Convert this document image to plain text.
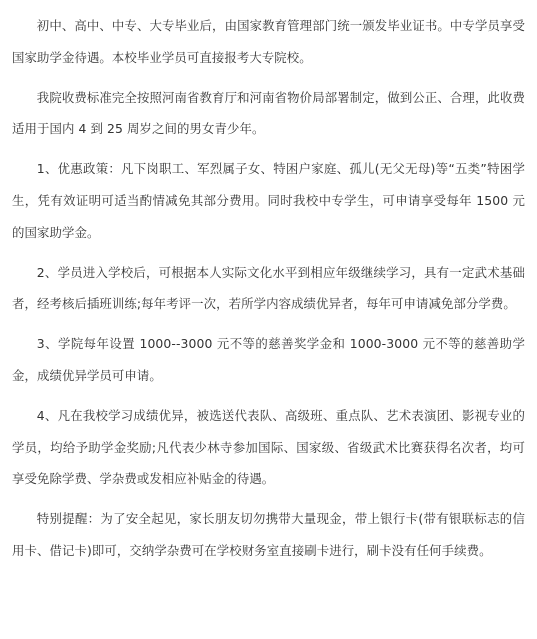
初中、高中、中专、大专毕业后，由国家教育管理部门统一颁发毕业证书。中专学员享受国家助学金待遇。本校毕业学员可直接报考大专院校。

我院收费标准完全按照河南省教育厅和河南省物价局部署制定，做到公正、合理，此收费适用于国内 4 到 25 周岁之间的男女青少年。

1、优惠政策：凡下岗职工、军烈属子女、特困户家庭、孤儿(无父无母)等“五类”特困学生，凭有效证明可适当酌情减免其部分费用。同时我校中专学生，可申请享受每年 1500 元的国家助学金。

2、学员进入学校后，可根据本人实际文化水平到相应年级继续学习，具有一定武术基础者，经考核后插班训练;每年考评一次，若所学内容成绩优异者，每年可申请减免部分学费。

3、学院每年设置 1000--3000 元不等的慈善奖学金和 1000-3000 元不等的慈善助学金，成绩优异学员可申请。

4、凡在我校学习成绩优异，被选送代表队、高级班、重点队、艺术表演团、影视专业的学员，均给予助学金奖励;凡代表少林寺参加国际、国家级、省级武术比赛获得名次者，均可享受免除学费、学杂费或发相应补贴金的待遇。

特别提醒：为了安全起见，家长朋友切勿携带大量现金，带上银行卡(带有银联标志的信用卡、借记卡)即可，交纳学杂费可在学校财务室直接刷卡进行，刷卡没有任何手续费。
